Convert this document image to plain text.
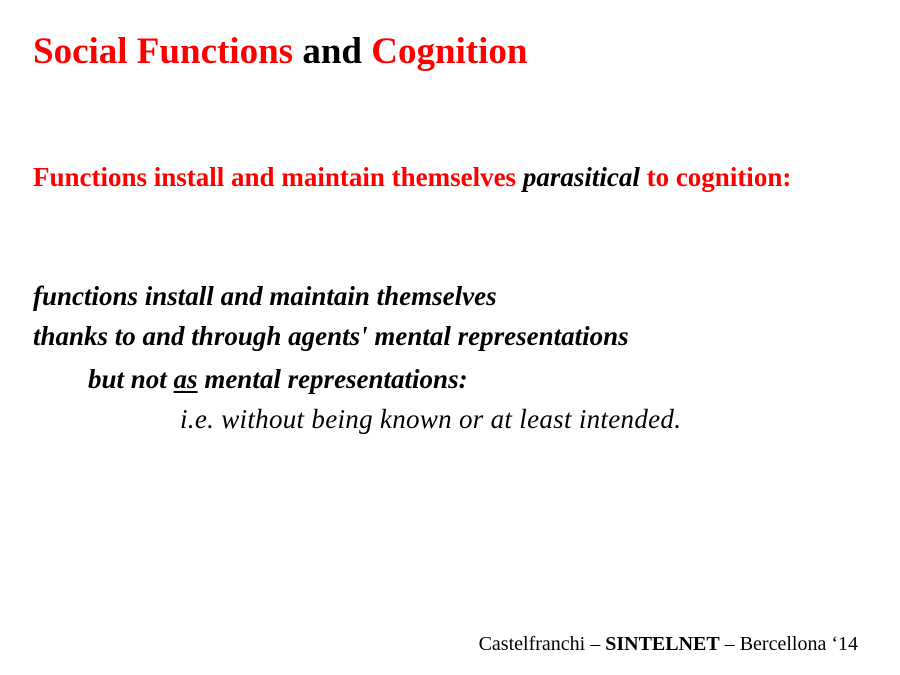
Social Functions and Cognition

Functions install and maintain themselves parasitical to cognition:

functions install and maintain themselves

thanks to and through agents' mental representations

but not as mental representations:

i.e. without being known or at least intended.

Castelfranchi – SINTELNET – Bercellona ‘14
